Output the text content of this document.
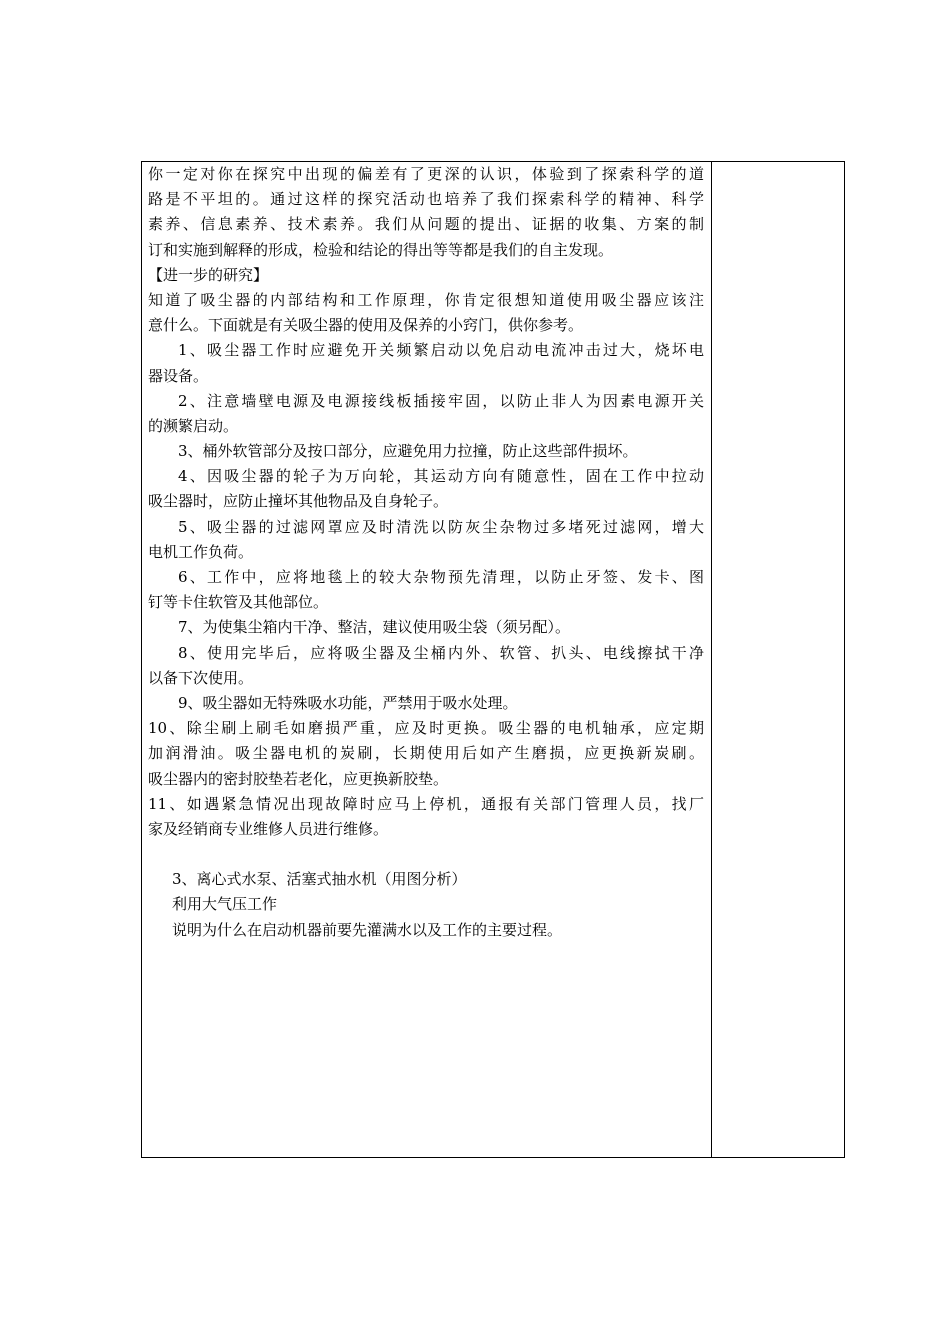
你一定对你在探究中出现的偏差有了更深的认识，体验到了探索科学的道
路是不平坦的。通过这样的探究活动也培养了我们探索科学的精神、科学
素养、信息素养、技术素养。我们从问题的提出、证据的收集、方案的制
订和实施到解释的形成，检验和结论的得出等等都是我们的自主发现。
【进一步的研究】
知道了吸尘器的内部结构和工作原理，你肯定很想知道使用吸尘器应该注
意什么。下面就是有关吸尘器的使用及保养的小窍门，供你参考。
1、吸尘器工作时应避免开关频繁启动以免启动电流冲击过大，烧坏电
器设备。
2、注意墙壁电源及电源接线板插接牢固，以防止非人为因素电源开关
的濒繁启动。
3、桶外软管部分及按口部分，应避免用力拉撞，防止这些部件损坏。
4、因吸尘器的轮子为万向轮，其运动方向有随意性，固在工作中拉动
吸尘器时，应防止撞坏其他物品及自身轮子。
5、吸尘器的过滤网罩应及时清洗以防灰尘杂物过多堵死过滤网，增大
电机工作负荷。
6、工作中，应将地毯上的较大杂物预先清理，以防止牙签、发卡、图
钉等卡住软管及其他部位。
7、为使集尘箱内干净、整洁，建议使用吸尘袋（须另配）。
8、使用完毕后，应将吸尘器及尘桶内外、软管、扒头、电线擦拭干净
以备下次使用。
9、吸尘器如无特殊吸水功能，严禁用于吸水处理。
10、除尘刷上刷毛如磨损严重，应及时更换。吸尘器的电机轴承，应定期
加润滑油。吸尘器电机的炭刷，长期使用后如产生磨损，应更换新炭刷。
吸尘器内的密封胶垫若老化，应更换新胶垫。
11、如遇紧急情况出现故障时应马上停机，通报有关部门管理人员，找厂
家及经销商专业维修人员进行维修。
3、离心式水泵、活塞式抽水机（用图分析）
利用大气压工作
说明为什么在启动机器前要先灌满水以及工作的主要过程。
